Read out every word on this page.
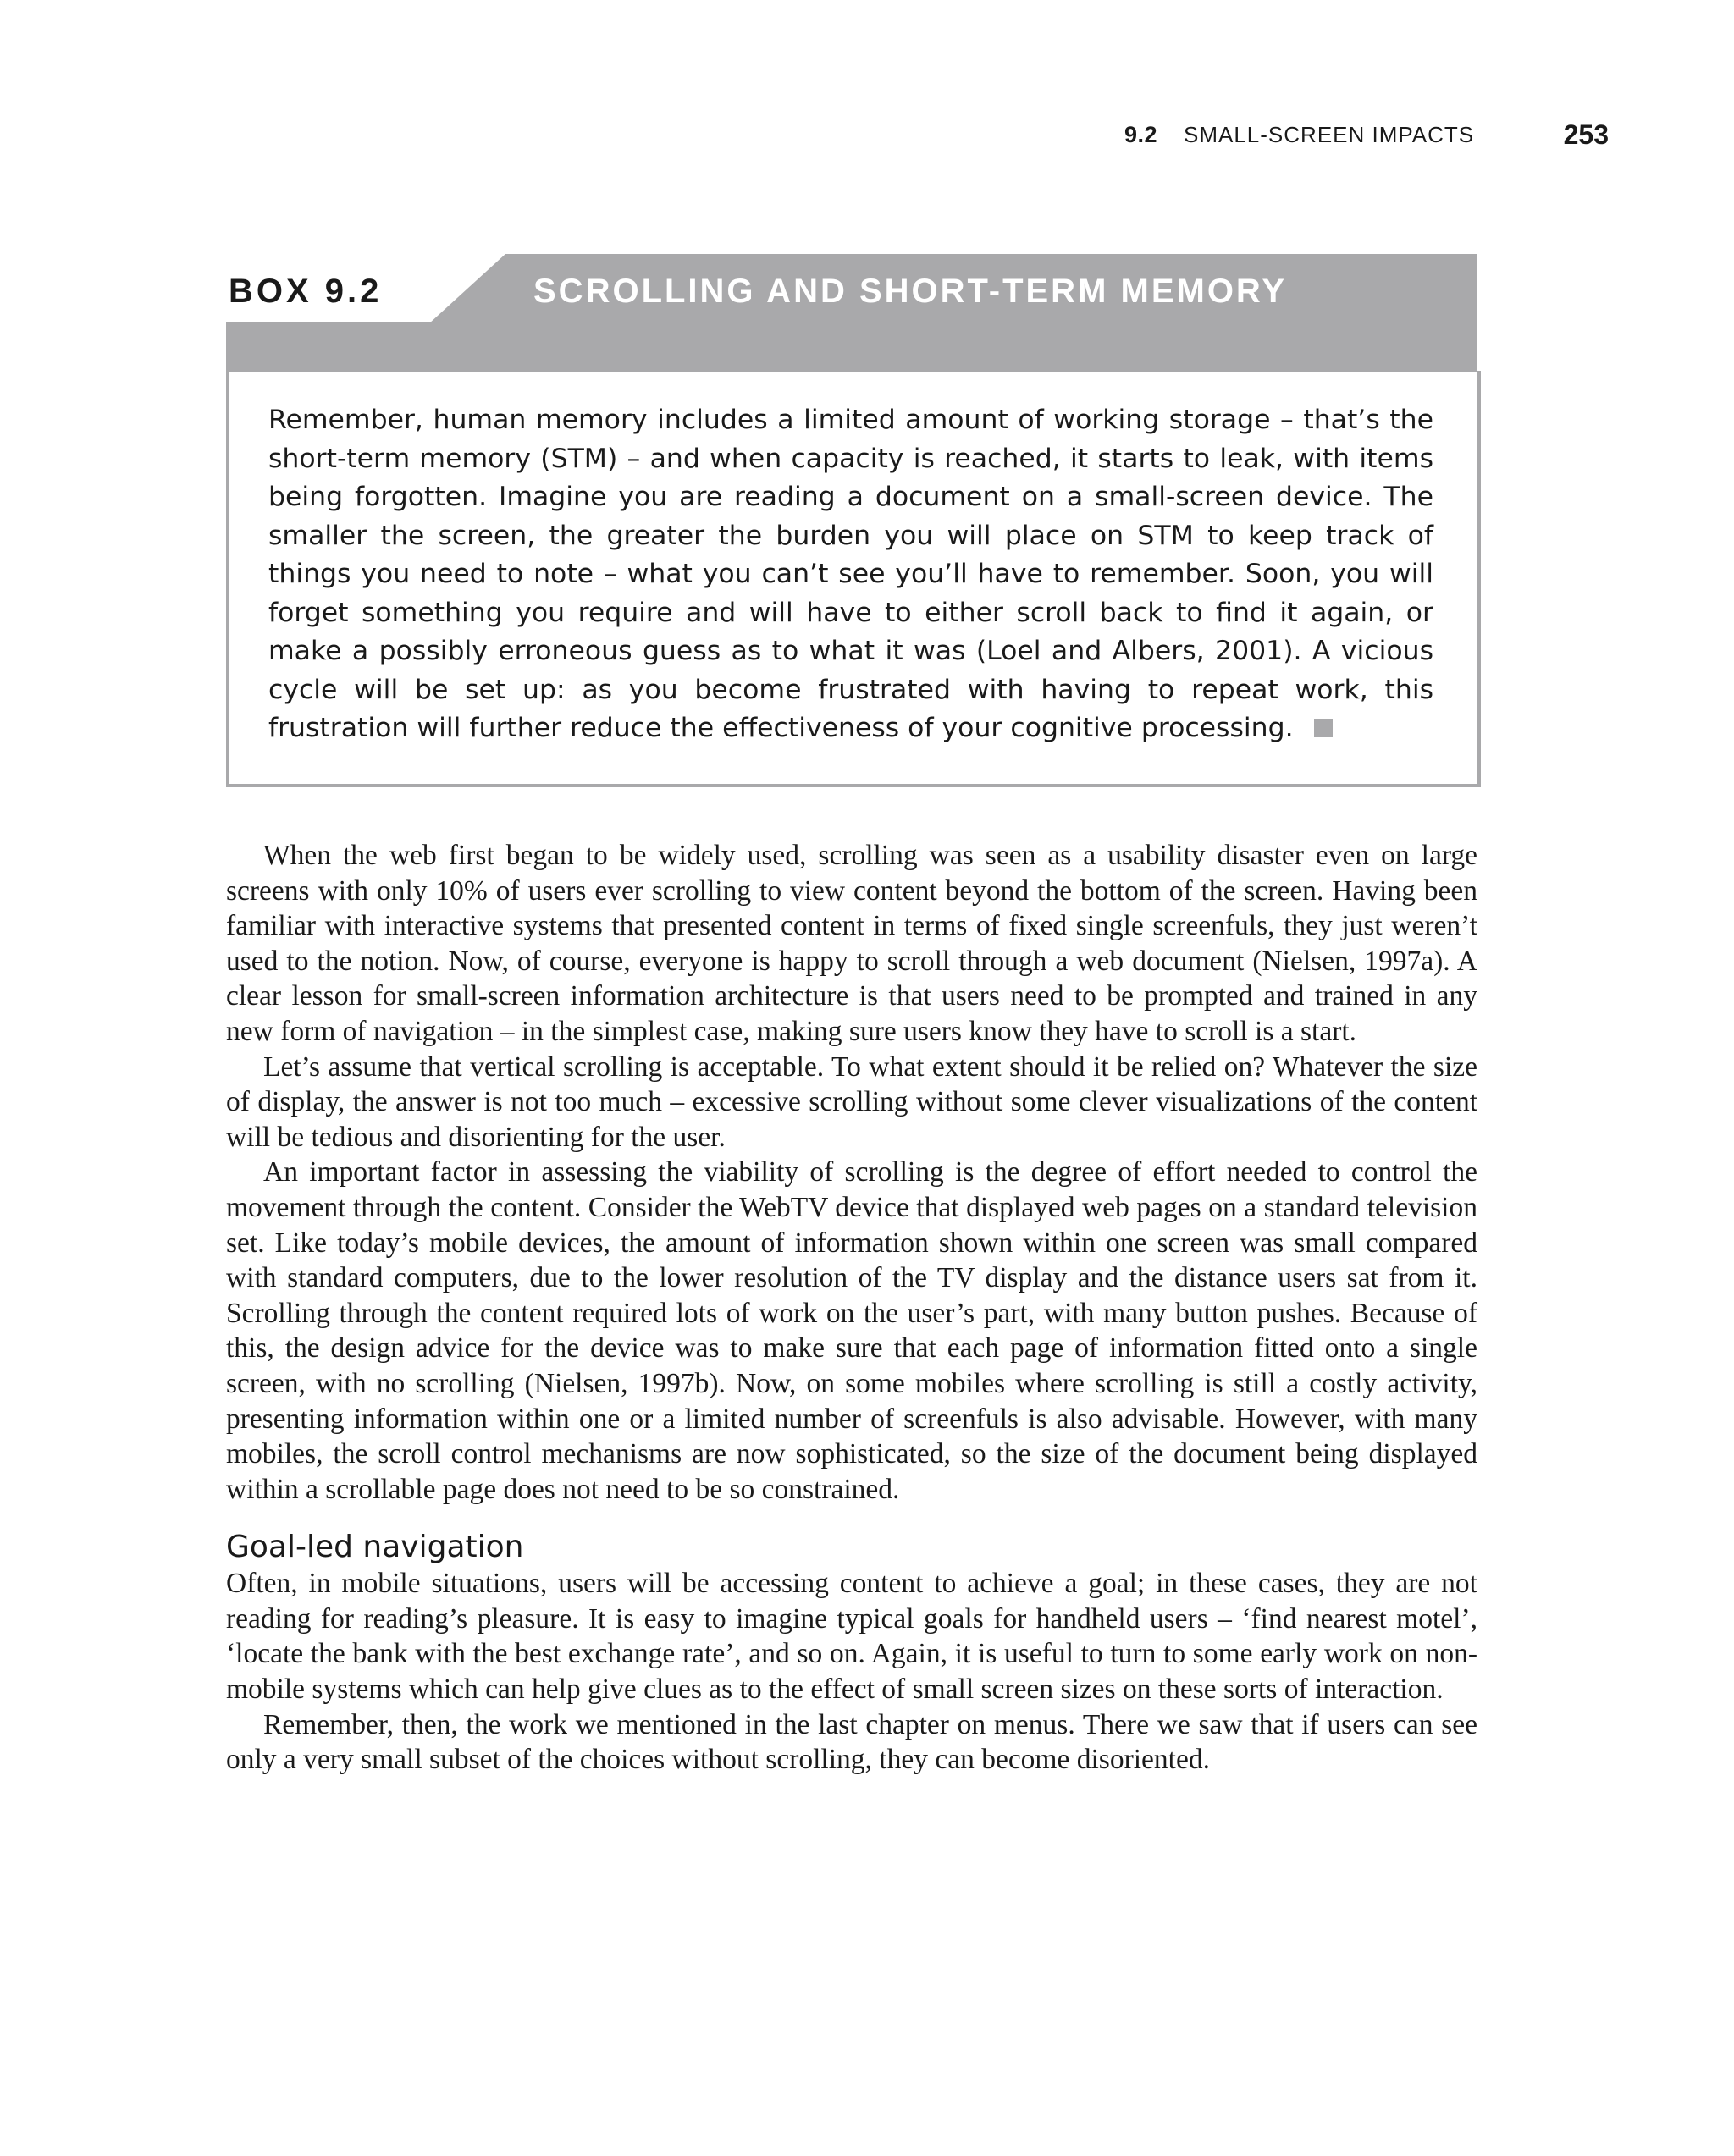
9.2 SMALL-SCREEN IMPACTS	253
BOX 9.2	SCROLLING AND SHORT-TERM MEMORY
Remember, human memory includes a limited amount of working storage – that’s the short-term memory (STM) – and when capacity is reached, it starts to leak, with items being forgotten. Imagine you are reading a document on a small-screen device. The smaller the screen, the greater the burden you will place on STM to keep track of things you need to note – what you can’t see you’ll have to remember. Soon, you will forget something you require and will have to either scroll back to find it again, or make a possibly erroneous guess as to what it was (Loel and Albers, 2001). A vicious cycle will be set up: as you become frustrated with having to repeat work, this frustration will further reduce the effectiveness of your cognitive processing.

When the web first began to be widely used, scrolling was seen as a usability disaster even on large screens with only 10% of users ever scrolling to view content beyond the bottom of the screen. Having been familiar with interactive systems that presented content in terms of fixed single screenfuls, they just weren’t used to the notion. Now, of course, everyone is happy to scroll through a web document (Nielsen, 1997a). A clear lesson for small-screen information architecture is that users need to be prompted and trained in any new form of navigation – in the simplest case, making sure users know they have to scroll is a start.

Let’s assume that vertical scrolling is acceptable. To what extent should it be relied on? Whatever the size of display, the answer is not too much – excessive scrolling without some clever visualizations of the content will be tedious and disorienting for the user.

An important factor in assessing the viability of scrolling is the degree of effort needed to control the movement through the content. Consider the WebTV device that displayed web pages on a standard television set. Like today’s mobile devices, the amount of information shown within one screen was small compared with standard computers, due to the lower resolution of the TV display and the distance users sat from it. Scrolling through the content required lots of work on the user’s part, with many button pushes. Because of this, the design advice for the device was to make sure that each page of information fitted onto a single screen, with no scrolling (Nielsen, 1997b). Now, on some mobiles where scrolling is still a costly activity, presenting information within one or a limited number of screenfuls is also advisable. However, with many mobiles, the scroll control mechanisms are now sophisticated, so the size of the document being displayed within a scrollable page does not need to be so constrained.

Goal-led navigation

Often, in mobile situations, users will be accessing content to achieve a goal; in these cases, they are not reading for reading’s pleasure. It is easy to imagine typical goals for handheld users – ‘find nearest motel’, ‘locate the bank with the best exchange rate’, and so on. Again, it is useful to turn to some early work on non-mobile systems which can help give clues as to the effect of small screen sizes on these sorts of interaction.

Remember, then, the work we mentioned in the last chapter on menus. There we saw that if users can see only a very small subset of the choices without scrolling, they can become disoriented.
